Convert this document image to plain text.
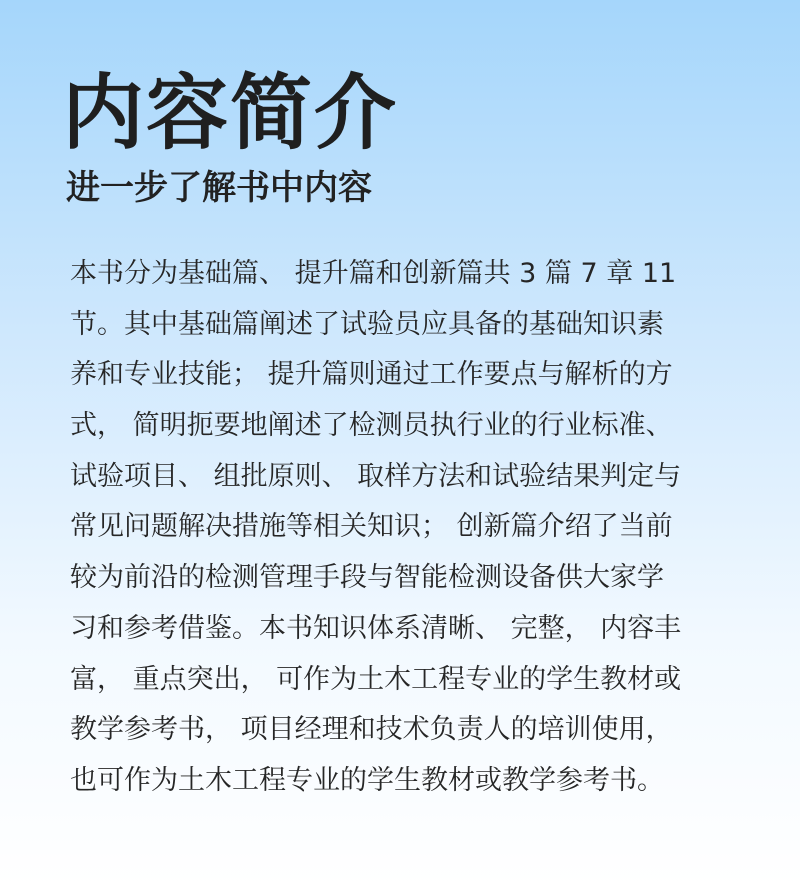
内容简介
进一步了解书中内容
本书分为基础篇、 提升篇和创新篇共 3 篇 7 章 11
节。其中基础篇阐述了试验员应具备的基础知识素
养和专业技能； 提升篇则通过工作要点与解析的方
式， 简明扼要地阐述了检测员执行业的行业标准、
试验项目、 组批原则、 取样方法和试验结果判定与
常见问题解决措施等相关知识； 创新篇介绍了当前
较为前沿的检测管理手段与智能检测设备供大家学
习和参考借鉴。本书知识体系清晰、 完整， 内容丰
富， 重点突出， 可作为土木工程专业的学生教材或
教学参考书， 项目经理和技术负责人的培训使用，
也可作为土木工程专业的学生教材或教学参考书。
